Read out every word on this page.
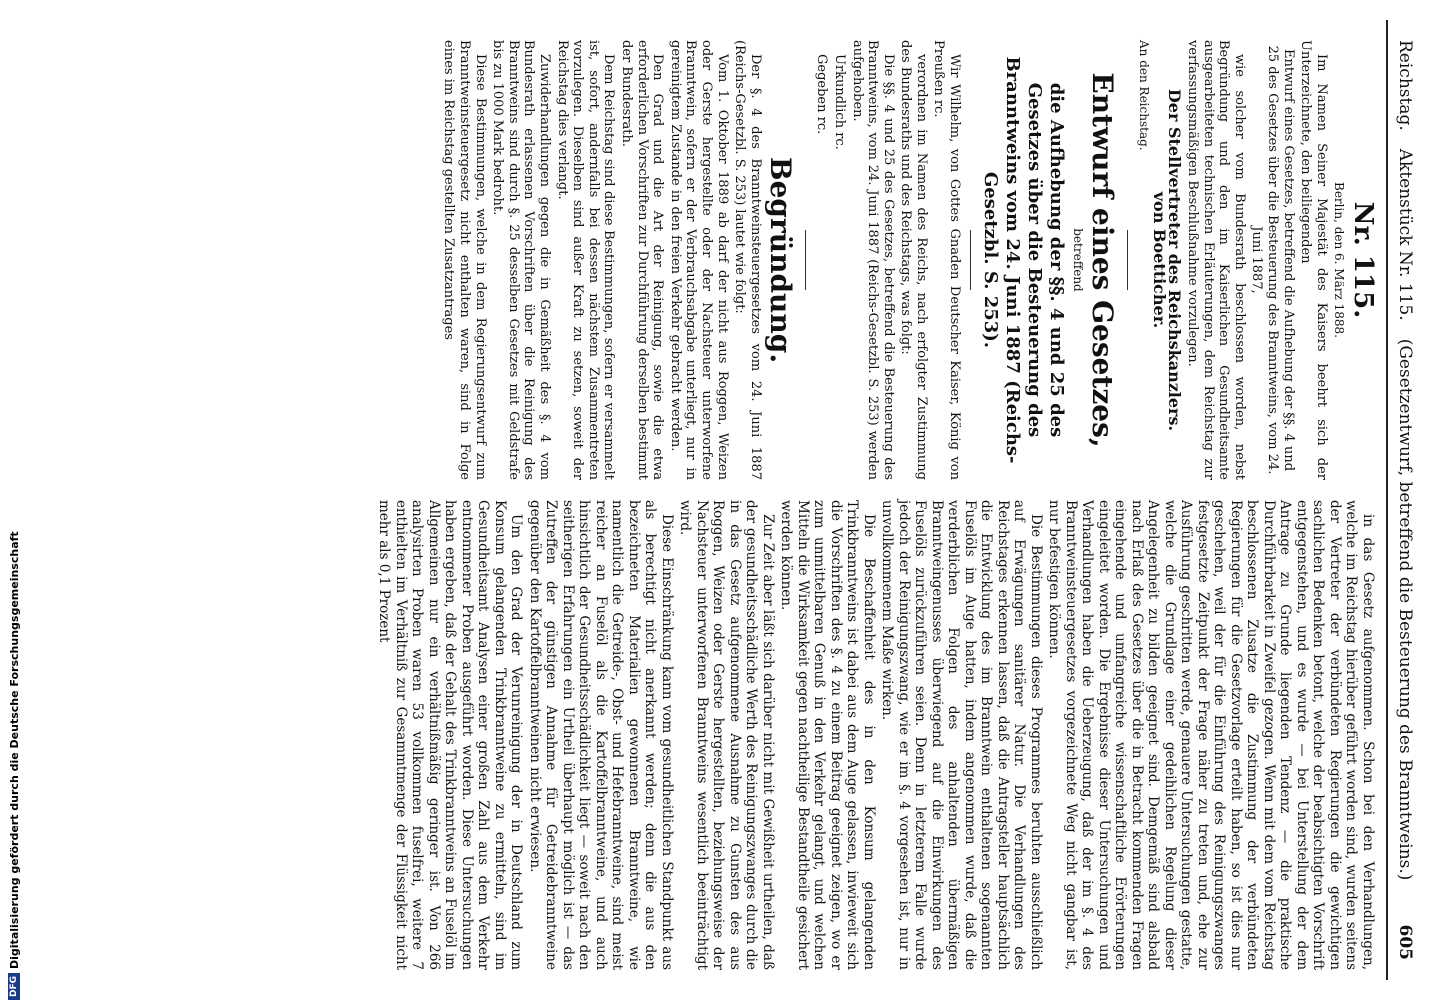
Reichstag.
Aktenstück Nr. 115.
(Gesetzentwurf, betreffend die Besteuerung des Branntweins.)
605
Nr. 115.

Berlin, den 6. März 1888.

Im Namen Seiner Majestät des Kaisers beehrt sich der Unterzeichnete, den beiliegenden

Entwurf eines Gesetzes, betreffend die Aufhebung der §§. 4 und 25 des Gesetzes über die Besteuerung des Branntweins, vom 24. Juni 1887,

wie solcher vom Bundesrath beschlossen worden, nebst Begründung und den im Kaiserlichen Gesundheitsamte ausgearbeiteten technischen Erläuterungen, dem Reichstag zur verfassungsmäßigen Beschlußnahme vorzulegen.

Der Stellvertreter des Reichskanzlers.
von Boetticher.

An den Reichstag.

Entwurf eines Gesetzes,

betreffend

die Aufhebung der §§. 4 und 25 des Gesetzes über die Besteuerung des Branntweins vom 24. Juni 1887 (Reichs-Gesetzbl. S. 253).

Wir Wilhelm, von Gottes Gnaden Deutscher Kaiser, König von Preußen rc.

verordnen im Namen des Reichs, nach erfolgter Zustimmung des Bundesraths und des Reichstags, was folgt:

Die §§. 4 und 25 des Gesetzes, betreffend die Besteuerung des Branntweins, vom 24. Juni 1887 (Reichs-Gesetzbl. S. 253) werden aufgehoben.

Urkundlich rc.

Gegeben rc.

Begründung.

Der §. 4 des Branntweinsteuergesetzes vom 24. Juni 1887 (Reichs-Gesetzbl. S. 253) lautet wie folgt:

Vom 1. Oktober 1889 ab darf der nicht aus Roggen, Weizen oder Gerste hergestellte oder der Nachsteuer unterworfene Branntwein, sofern er der Verbrauchsabgabe unterliegt, nur in gereinigtem Zustande in den freien Verkehr gebracht werden.

Den Grad und die Art der Reinigung, sowie die etwa erforderlichen Vorschriften zur Durchführung derselben bestimmt der Bundesrath.

Dem Reichstag sind diese Bestimmungen, sofern er versammelt ist, sofort, andernfalls bei dessen nächstem Zusammentreten vorzulegen. Dieselben sind außer Kraft zu setzen, soweit der Reichstag dies verlangt.

Zuwiderhandlungen gegen die in Gemäßheit des §. 4 vom Bundesrath erlassenen Vorschriften über die Reinigung des Branntweins sind durch §. 25 desselben Gesetzes mit Geldstrafe bis zu 1000 Mark bedroht.

Diese Bestimmungen, welche in dem Regierungsentwurf zum Branntweinsteuergesetz nicht enthalten waren, sind in Folge eines im Reichstag gestellten Zusatzantrages

in das Gesetz aufgenommen. Schon bei den Verhandlungen, welche im Reichstag hierüber geführt worden sind, wurden seitens der Vertreter der verbündeten Regierungen die gewichtigen sachlichen Bedenken betont, welche der beabsichtigten Vorschrift entgegenstehen, und es wurde — bei Unterstellung der dem Antrage zu Grunde liegenden Tendenz — die praktische Durchführbarkeit in Zweifel gezogen. Wenn mit dem vom Reichstag beschlossenen Zusatze die Zustimmung der verbündeten Regierungen für die Gesetzvorlage erteilt haben, so ist dies nur geschehen, weil der für die Einführung des Reinigungszwanges festgesetzte Zeitpunkt der Frage näher zu treten und, ehe zur Ausführung geschritten werde, genauere Untersuchungen gestatte, welche die Grundlage einer gedeihlichen Regelung dieser Angelegenheit zu bilden geeignet sind. Demgemäß sind alsbald nach Erlaß des Gesetzes über die in Betracht kommenden Fragen eingehende und umfangreiche wissenschaftliche Erörterungen eingeleitet worden. Die Ergebnisse dieser Untersuchungen und Verhandlungen haben die Ueberzeugung, daß der im §. 4 des Branntweinsteuergesetzes vorgezeichnete Weg nicht gangbar ist, nur befestigen können.

Die Bestimmungen dieses Programmes beruhten ausschließlich auf Erwägungen sanitärer Natur. Die Verhandlungen des Reichstages erkennen lassen, daß die Antragsteller hauptsächlich die Entwicklung des im Branntwein enthaltenen sogenannten Fuselöls im Auge hatten, indem angenommen wurde, daß die verderblichen Folgen des anhaltenden übermäßigen Branntweingenusses überwiegend auf die Einwirkungen des Fuselöls zurückzuführen seien. Denn in letzterem Falle wurde jedoch der Reinigungszwang, wie er im §. 4 vorgesehen ist, nur in unvollkommenem Maße wirken.

Die Beschaffenheit des in den Konsum gelangenden Trinkbranntweins ist dabei aus dem Auge gelassen, inwieweit sich die Vorschriften des §. 4 zu einem Beitrag geeignet zeigen, wo er zum unmittelbaren Genuß in den Verkehr gelangt, und welchen Mitteln die Wirksamkeit gegen nachtheilige Bestandtheile gesichert werden können.

Zur Zeit aber läßt sich darüber nicht mit Gewißheit urtheilen, daß der gesundheitsschädliche Werth des Reinigungszwanges durch die in das Gesetz aufgenommene Ausnahme zu Gunsten des aus Roggen, Weizen oder Gerste hergestellten, beziehungsweise der Nachsteuer unterworfenen Branntweins wesentlich beeinträchtigt wird.

Diese Einschränkung kann vom gesundheitlichen Standpunkt aus als berechtigt nicht anerkannt werden; denn die aus den bezeichneten Materialien gewonnenen Branntweine, wie namentlich die Getreide-, Obst- und Hefebranntweine, sind meist reicher an Fuselöl als die Kartoffelbranntweine, und auch hinsichtlich der Gesundheitsschädlichkeit liegt — soweit nach den seitherigen Erfahrungen ein Urtheil überhaupt möglich ist — das Zutreffen der günstigen Annahme für Getreidebranntweine gegenüber den Kartoffelbranntweinen nicht erwiesen.

Um den Grad der Verunreinigung der in Deutschland zum Konsum gelangenden Trinkbranntweine zu ermitteln, sind im Gesundheitsamt Analysen einer großen Zahl aus dem Verkehr entnommener Proben ausgeführt worden. Diese Untersuchungen haben ergeben, daß der Gehalt des Trinkbranntweins an Fuselöl im Allgemeinen nur ein verhältnißmäßig geringer ist. Von 266 analysirten Proben waren 53 vollkommen fuselfrei, weitere 7 enthielten im Verhältniß zur Gesammtmenge der Flüssigkeit nicht mehr als 0,1 Prozent

DFG
Digitalisierung gefördert durch die Deutsche Forschungsgemeinschaft
